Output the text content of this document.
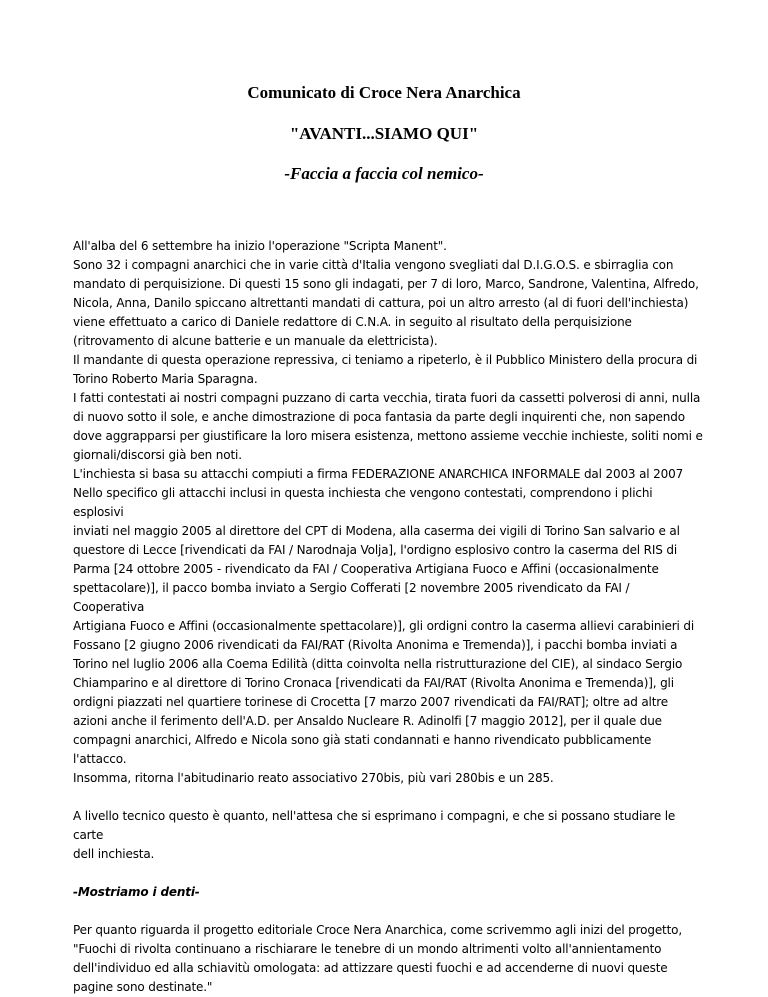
Comunicato di Croce Nera Anarchica

"AVANTI...SIAMO QUI"

-Faccia a faccia col nemico-

All'alba del 6 settembre ha inizio l'operazione "Scripta Manent".
Sono 32 i compagni anarchici che in varie città d'Italia vengono svegliati dal D.I.G.O.S. e sbirraglia con
mandato di perquisizione. Di questi 15 sono gli indagati, per 7 di loro, Marco, Sandrone, Valentina, Alfredo,
Nicola, Anna, Danilo spiccano altrettanti mandati di cattura, poi un altro arresto (al di fuori dell'inchiesta)
viene effettuato a carico di Daniele redattore di C.N.A. in seguito al risultato della perquisizione
(ritrovamento di alcune batterie e un manuale da elettricista).
Il mandante di questa operazione repressiva, ci teniamo a ripeterlo, è il Pubblico Ministero della procura di
Torino Roberto Maria Sparagna.
I fatti contestati ai nostri compagni puzzano di carta vecchia, tirata fuori da cassetti polverosi di anni, nulla
di nuovo sotto il sole, e anche dimostrazione di poca fantasia da parte degli inquirenti che, non sapendo
dove aggrapparsi per giustificare la loro misera esistenza, mettono assieme vecchie inchieste, soliti nomi e
giornali/discorsi già ben noti.
L'inchiesta si basa su attacchi compiuti a firma FEDERAZIONE ANARCHICA INFORMALE dal 2003 al 2007
Nello specifico gli attacchi inclusi in questa inchiesta che vengono contestati, comprendono i plichi esplosivi
inviati nel maggio 2005 al direttore del CPT di Modena, alla caserma dei vigili di Torino San salvario e al
questore di Lecce [rivendicati da FAI / Narodnaja Volja], l'ordigno esplosivo contro la caserma del RIS di
Parma [24 ottobre 2005 - rivendicato da FAI / Cooperativa Artigiana Fuoco e Affini (occasionalmente
spettacolare)], il pacco bomba inviato a Sergio Cofferati [2 novembre 2005 rivendicato da FAI / Cooperativa
Artigiana Fuoco e Affini (occasionalmente spettacolare)], gli ordigni contro la caserma allievi carabinieri di
Fossano [2 giugno 2006 rivendicati da FAI/RAT (Rivolta Anonima e Tremenda)], i pacchi bomba inviati a
Torino nel luglio 2006 alla Coema Edilità (ditta coinvolta nella ristrutturazione del CIE), al sindaco Sergio
Chiamparino e al direttore di Torino Cronaca [rivendicati da FAI/RAT (Rivolta Anonima e Tremenda)], gli
ordigni piazzati nel quartiere torinese di Crocetta [7 marzo 2007 rivendicati da FAI/RAT]; oltre ad altre
azioni anche il ferimento dell'A.D. per Ansaldo Nucleare R. Adinolfi [7 maggio 2012], per il quale due
compagni anarchici, Alfredo e Nicola sono già stati condannati e hanno rivendicato pubblicamente
l'attacco.
Insomma, ritorna l'abitudinario reato associativo 270bis, più vari 280bis e un 285.
A livello tecnico questo è quanto, nell'attesa che si esprimano i compagni, e che si possano studiare le carte
dell inchiesta.
-Mostriamo i denti-
Per quanto riguarda il progetto editoriale Croce Nera Anarchica, come scrivemmo agli inizi del progetto,
"Fuochi di rivolta continuano a rischiarare le tenebre di un mondo altrimenti volto all'annientamento
dell'individuo ed alla schiavitù omologata: ad attizzare questi fuochi e ad accenderne di nuovi queste
pagine sono destinate."
